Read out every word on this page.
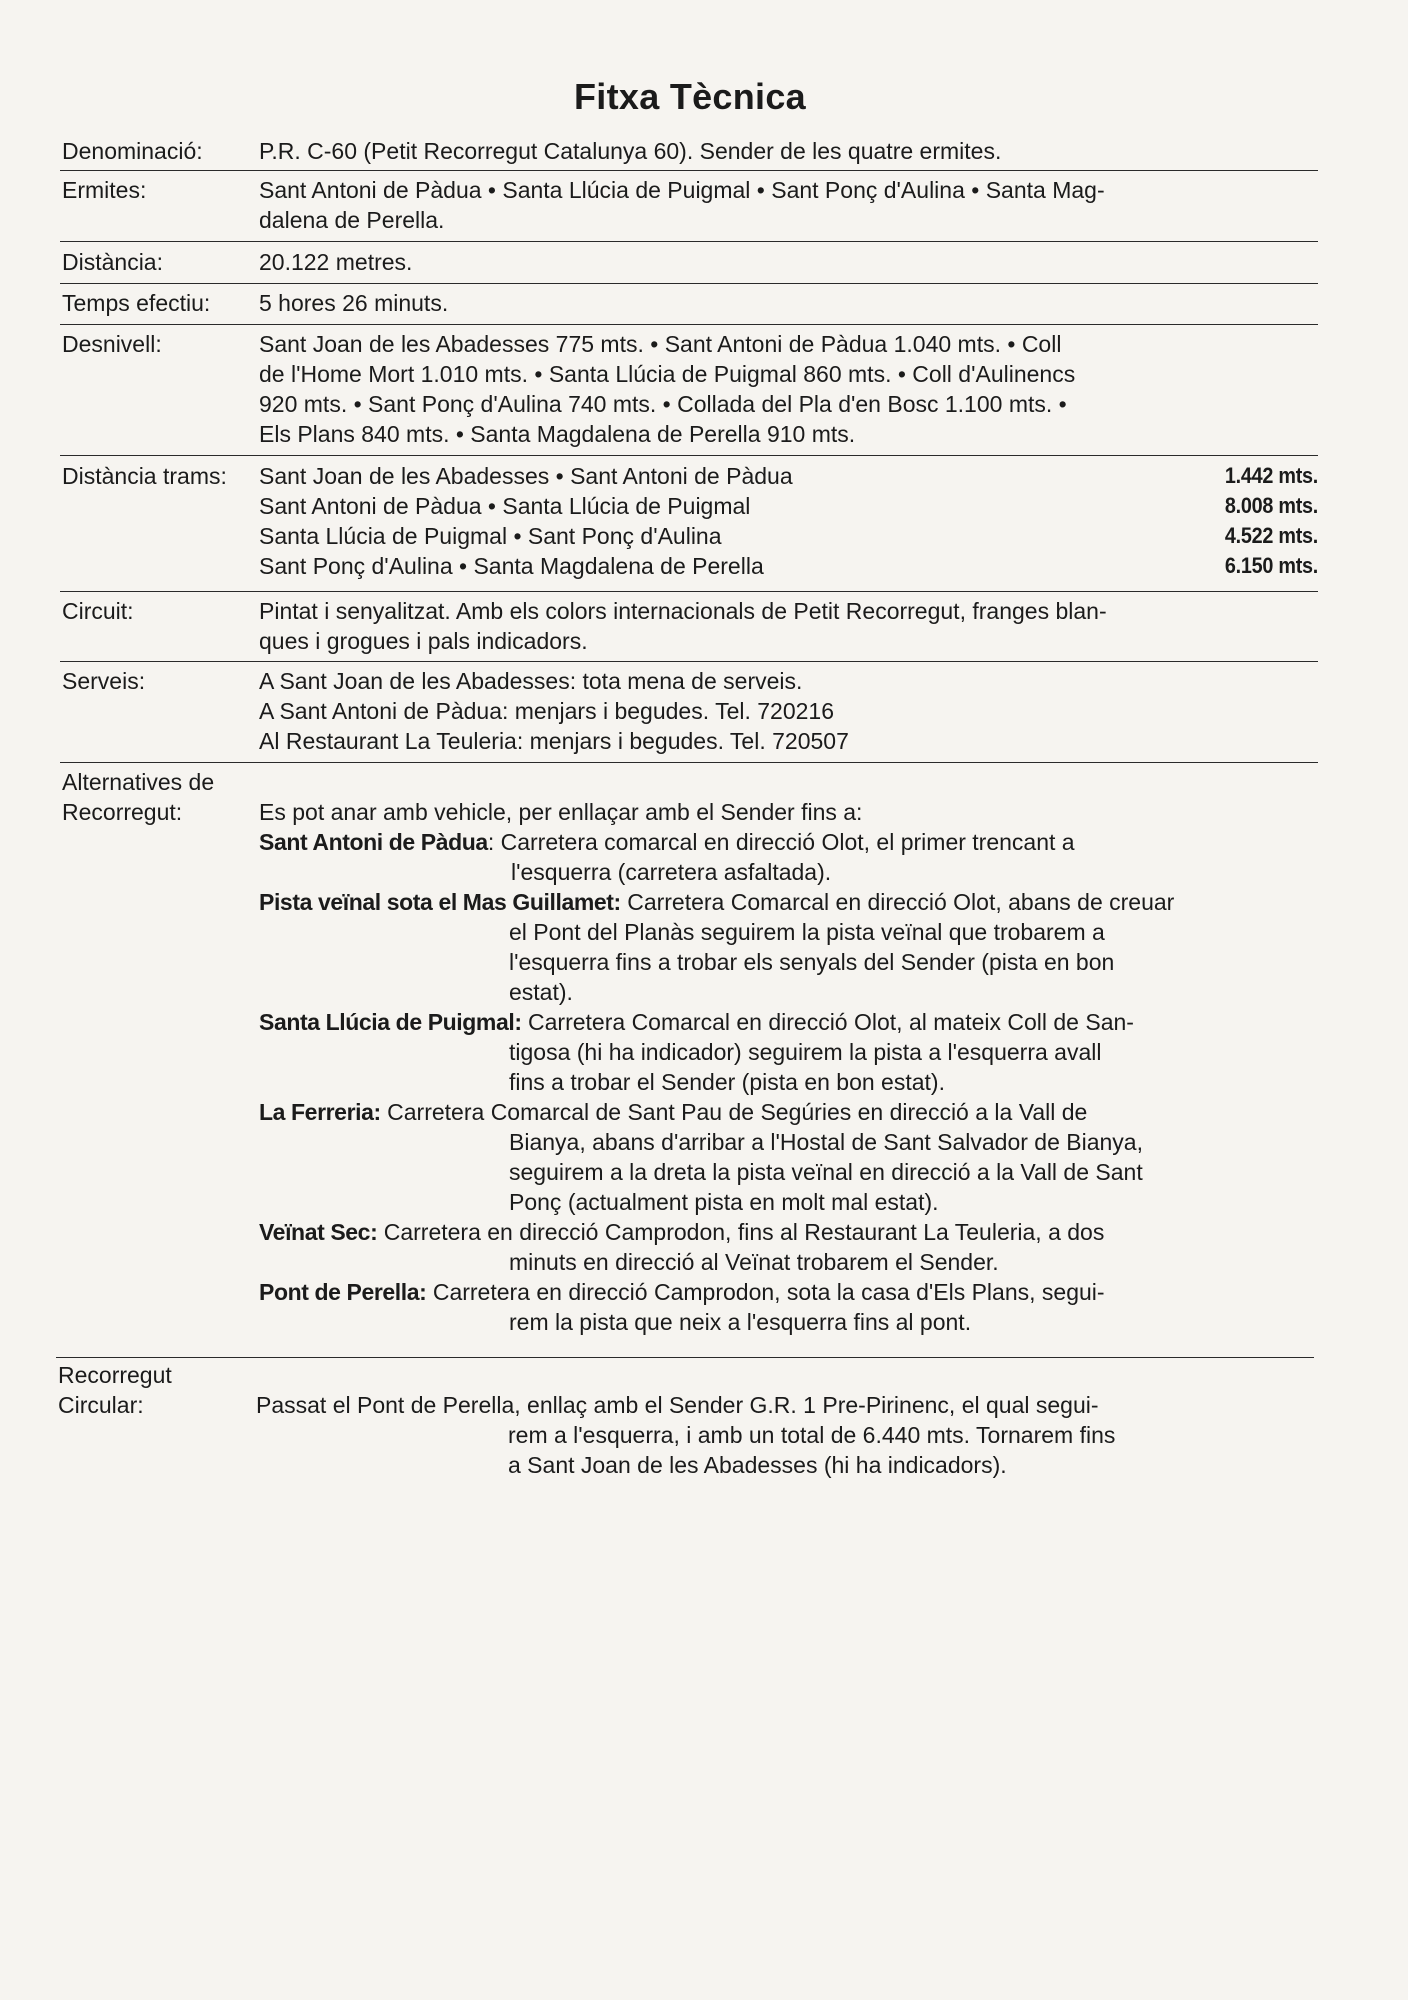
Fitxa Tècnica
Denominació: P.R. C-60 (Petit Recorregut Catalunya 60). Sender de les quatre ermites.
Ermites:	Sant Antoni de Pàdua • Santa Llúcia de Puigmal • Sant Ponç d'Aulina • Santa Mag-
dalena de Perella.
Distància:	20.122 metres.
Temps efectiu: 5 hores 26 minuts.
Desnivell:	Sant Joan de les Abadesses 775 mts. • Sant Antoni de Pàdua 1.040 mts. • Coll
de l'Home Mort 1.010 mts. • Santa Llúcia de Puigmal 860 mts. • Coll d'Aulinencs
920 mts. • Sant Ponç d'Aulina 740 mts. • Collada del Pla d'en Bosc 1.100 mts. •
Els Plans 840 mts. • Santa Magdalena de Perella 910 mts.
Distància trams: Sant Joan de les Abadesses • Sant Antoni de Pàdua	1.442 mts.
Sant Antoni de Pàdua • Santa Llúcia de Puigmal	8.008 mts.
Santa Llúcia de Puigmal • Sant Ponç d'Aulina	4.522 mts.
Sant Ponç d'Aulina • Santa Magdalena de Perella	6.150 mts.
Circuit:	Pintat i senyalitzat. Amb els colors internacionals de Petit Recorregut, franges blan-
ques i grogues i pals indicadors.
Serveis:	A Sant Joan de les Abadesses: tota mena de serveis.
A Sant Antoni de Pàdua: menjars i begudes. Tel. 720216
Al Restaurant La Teuleria: menjars i begudes. Tel. 720507
Alternatives de
Recorregut:	Es pot anar amb vehicle, per enllaçar amb el Sender fins a:
Sant Antoni de Pàdua: Carretera comarcal en direcció Olot, el primer trencant a
l'esquerra (carretera asfaltada).
Pista veïnal sota el Mas Guillamet: Carretera Comarcal en direcció Olot, abans de creuar
el Pont del Planàs seguirem la pista veïnal que trobarem a
l'esquerra fins a trobar els senyals del Sender (pista en bon
estat).
Santa Llúcia de Puigmal: Carretera Comarcal en direcció Olot, al mateix Coll de San-
tigosa (hi ha indicador) seguirem la pista a l'esquerra avall
fins a trobar el Sender (pista en bon estat).
La Ferreria: Carretera Comarcal de Sant Pau de Segúries en direcció a la Vall de
Bianya, abans d'arribar a l'Hostal de Sant Salvador de Bianya,
seguirem a la dreta la pista veïnal en direcció a la Vall de Sant
Ponç (actualment pista en molt mal estat).
Veïnat Sec: Carretera en direcció Camprodon, fins al Restaurant La Teuleria, a dos
minuts en direcció al Veïnat trobarem el Sender.
Pont de Perella: Carretera en direcció Camprodon, sota la casa d'Els Plans, segui-
rem la pista que neix a l'esquerra fins al pont.
Recorregut
Circular:	Passat el Pont de Perella, enllaç amb el Sender G.R. 1 Pre-Pirinenc, el qual segui-
rem a l'esquerra, i amb un total de 6.440 mts. Tornarem fins
a Sant Joan de les Abadesses (hi ha indicadors).
